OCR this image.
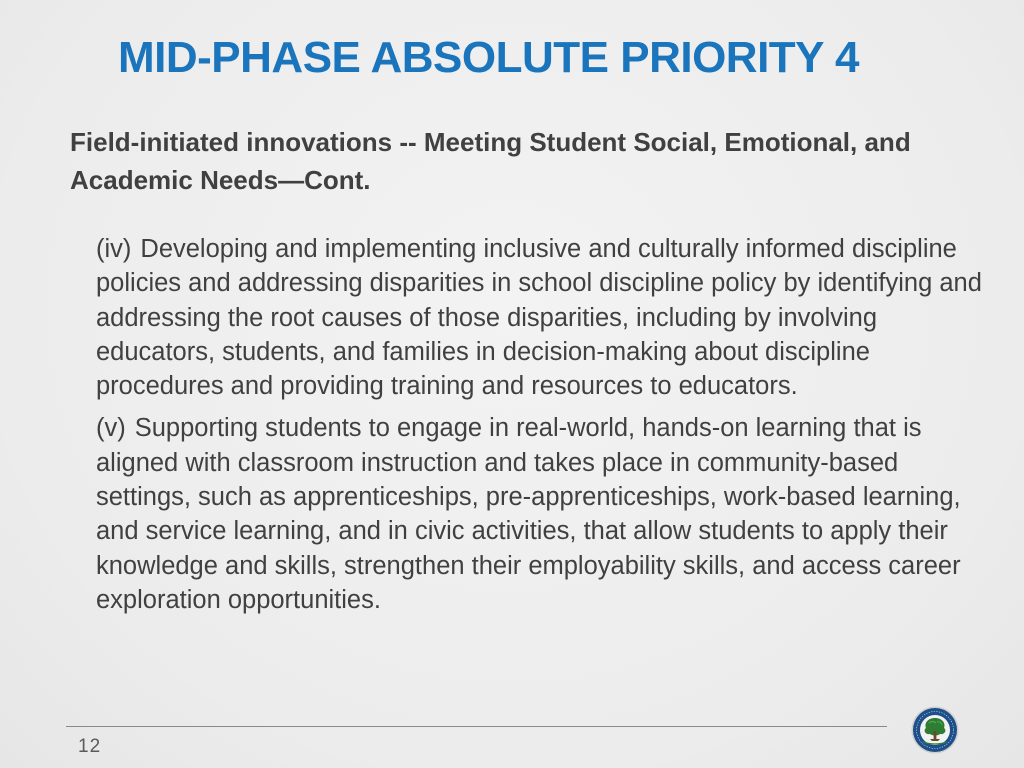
MID-PHASE ABSOLUTE PRIORITY 4

Field-initiated innovations -- Meeting Student Social, Emotional, and Academic Needs—Cont.

(iv) Developing and implementing inclusive and culturally informed discipline policies and addressing disparities in school discipline policy by identifying and addressing the root causes of those disparities, including by involving educators, students, and families in decision-making about discipline procedures and providing training and resources to educators.
(v) Supporting students to engage in real-world, hands-on learning that is aligned with classroom instruction and takes place in community-based settings, such as apprenticeships, pre-apprenticeships, work-based learning, and service learning, and in civic activities, that allow students to apply their knowledge and skills, strengthen their employability skills, and access career exploration opportunities.
12
